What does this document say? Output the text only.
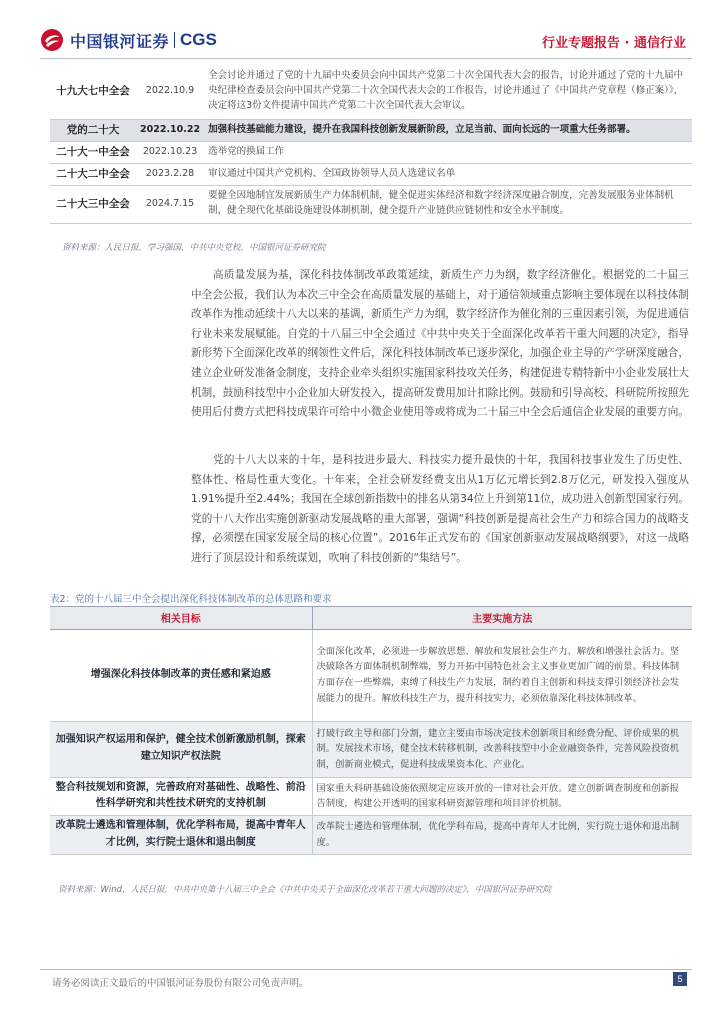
中国银河证券 CGS	行业专题报告 · 通信行业
十九大七中全会	2022.10.9	全会讨论并通过了党的十九届中央委员会向中国共产党第二十次全国代表大会的报告，讨论并通过了党的十九届中央纪律检查委员会向中国共产党第二十次全国代表大会的工作报告，讨论并通过了《中国共产党章程（修正案）》，决定将这3份文件提请中国共产党第二十次全国代表大会审议。
党的二十大	2022.10.22	加强科技基础能力建设，提升在我国科技创新发展新阶段，立足当前、面向长远的一项重大任务部署。
二十大一中全会	2022.10.23	选举党的换届工作
二十大二中全会	2023.2.28	审议通过中国共产党机构、全国政协领导人员人选建议名单
二十大三中全会	2024.7.15	要健全因地制宜发展新质生产力体制机制，健全促进实体经济和数字经济深度融合制度，完善发展服务业体制机制，健全现代化基础设施建设体制机制，健全提升产业链供应链韧性和安全水平制度。
资料来源：人民日报，学习强国，中共中央党校，中国银河证券研究院

高质量发展为基，深化科技体制改革政策延续，新质生产力为纲，数字经济催化。根据党的二十届三中全会公报，我们认为本次三中全会在高质量发展的基础上，对于通信领域重点影响主要体现在以科技体制改革作为推动延续十八大以来的基调，新质生产力为纲，数字经济作为催化剂的三重因素引领，为促进通信行业未来发展赋能。自党的十八届三中全会通过《中共中央关于全面深化改革若干重大问题的决定》，指导新形势下全面深化改革的纲领性文件后，深化科技体制改革已逐步深化，加强企业主导的产学研深度融合，建立企业研发准备金制度，支持企业牵头组织实施国家科技攻关任务，构建促进专精特新中小企业发展壮大机制，鼓励科技型中小企业加大研发投入，提高研发费用加计扣除比例。鼓励和引导高校、科研院所按照先使用后付费方式把科技成果许可给中小微企业使用等或将成为二十届三中全会后通信企业发展的重要方向。

党的十八大以来的十年，是科技进步最大、科技实力提升最快的十年，我国科技事业发生了历史性、整体性、格局性重大变化。十年来，全社会研发经费支出从1万亿元增长到2.8万亿元，研发投入强度从1.91%提升至2.44%；我国在全球创新指数中的排名从第34位上升到第11位，成功进入创新型国家行列。党的十八大作出实施创新驱动发展战略的重大部署，强调“科技创新是提高社会生产力和综合国力的战略支撑，必须摆在国家发展全局的核心位置”。2016年正式发布的《国家创新驱动发展战略纲要》，对这一战略进行了顶层设计和系统谋划，吹响了科技创新的“集结号”。

表2：党的十八届三中全会提出深化科技体制改革的总体思路和要求
相关目标	主要实施方法
增强深化科技体制改革的责任感和紧迫感	全面深化改革，必须进一步解放思想、解放和发展社会生产力、解放和增强社会活力。坚决破除各方面体制机制弊端，努力开拓中国特色社会主义事业更加广阔的前景。科技体制方面存在一些弊端，束缚了科技生产力发展，制约着自主创新和科技支撑引领经济社会发展能力的提升。解放科技生产力，提升科技实力，必须依靠深化科技体制改革。
加强知识产权运用和保护，健全技术创新激励机制，探索建立知识产权法院	打破行政主导和部门分割，建立主要由市场决定技术创新项目和经费分配、评价成果的机制。发展技术市场，健全技术转移机制，改善科技型中小企业融资条件，完善风险投资机制，创新商业模式，促进科技成果资本化、产业化。
整合科技规划和资源，完善政府对基础性、战略性、前沿性科学研究和共性技术研究的支持机制	国家重大科研基础设施依照规定应该开放的一律对社会开放。建立创新调查制度和创新报告制度，构建公开透明的国家科研资源管理和项目评价机制。
改革院士遴选和管理体制，优化学科布局，提高中青年人才比例，实行院士退休和退出制度	改革院士遴选和管理体制，优化学科布局，提高中青年人才比例，实行院士退休和退出制度。
资料来源：Wind，人民日报，中共中央第十八届三中全会《中共中央关于全面深化改革若干重大问题的决定》，中国银河证券研究院
请务必阅读正文最后的中国银河证券股份有限公司免责声明。	5
